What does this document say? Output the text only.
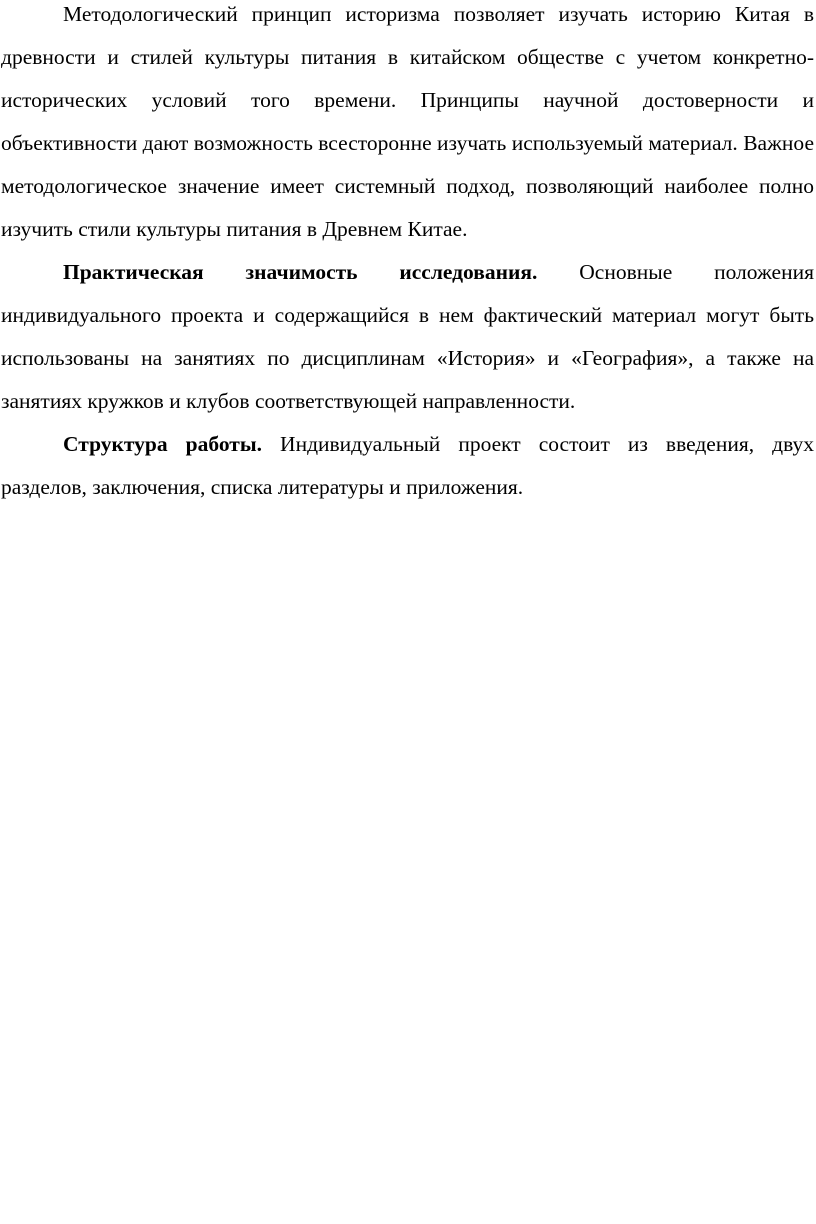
Методологический принцип историзма позволяет изучать историю Китая в древности и стилей культуры питания в китайском обществе с учетом конкретно-исторических условий того времени. Принципы научной достоверности и объективности дают возможность всесторонне изучать используемый материал. Важное методологическое значение имеет системный подход, позволяющий наиболее полно изучить стили культуры питания в Древнем Китае.

Практическая значимость исследования. Основные положения индивидуального проекта и содержащийся в нем фактический материал могут быть использованы на занятиях по дисциплинам «История» и «География», а также на занятиях кружков и клубов соответствующей направленности.

Структура работы. Индивидуальный проект состоит из введения, двух разделов, заключения, списка литературы и приложения.
